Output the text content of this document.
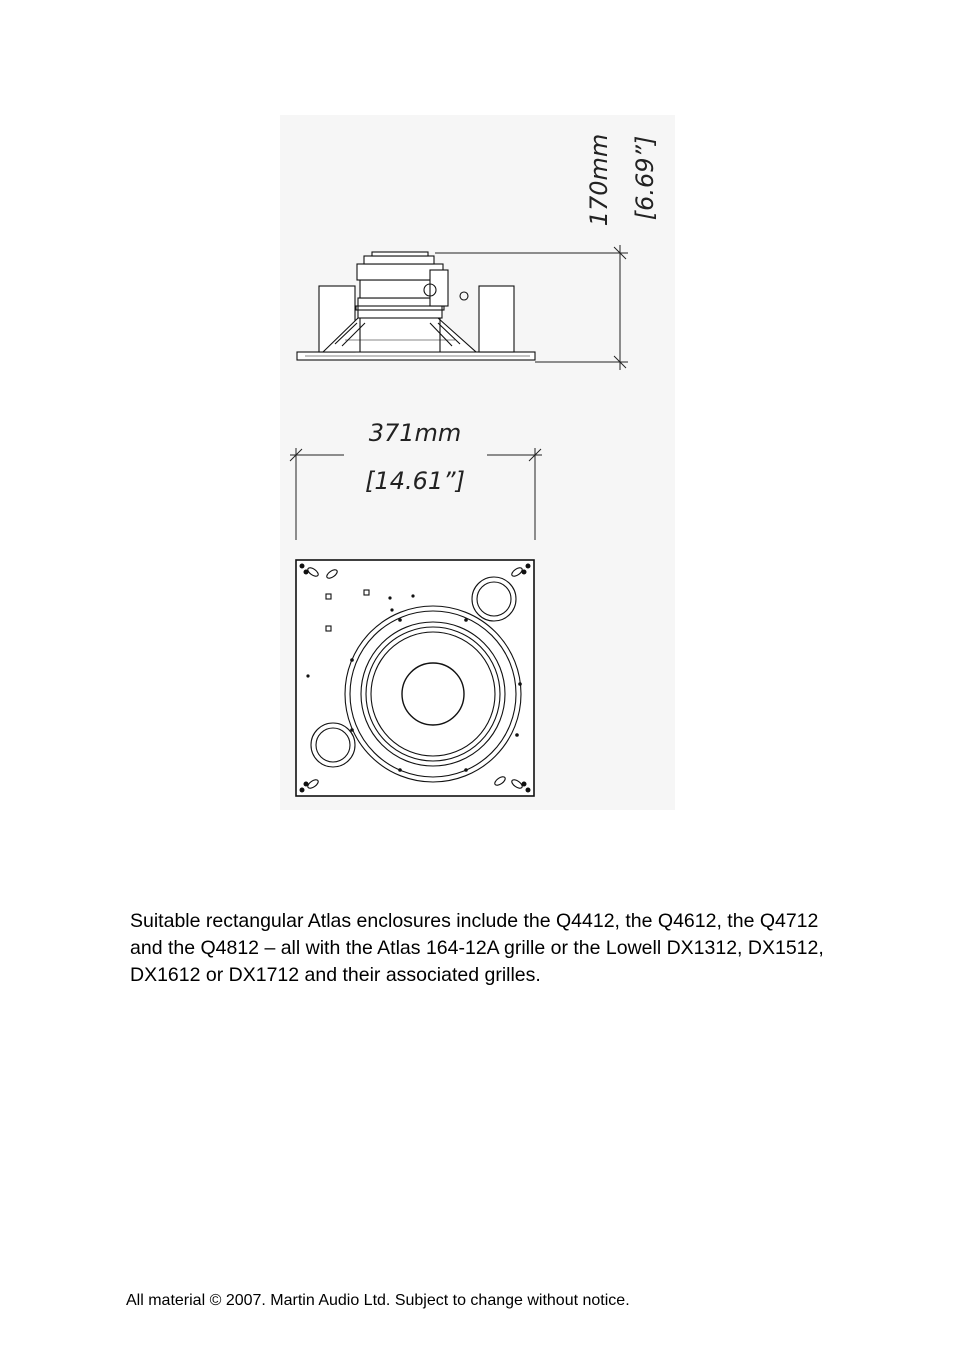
170mm [6.69”]
371mm
[14.61”]

Suitable rectangular Atlas enclosures include the Q4412, the Q4612, the Q4712 and the Q4812 – all with the Atlas 164-12A grille or the Lowell DX1312, DX1512, DX1612 or DX1712 and their associated grilles.

All material © 2007. Martin Audio Ltd. Subject to change without notice.
